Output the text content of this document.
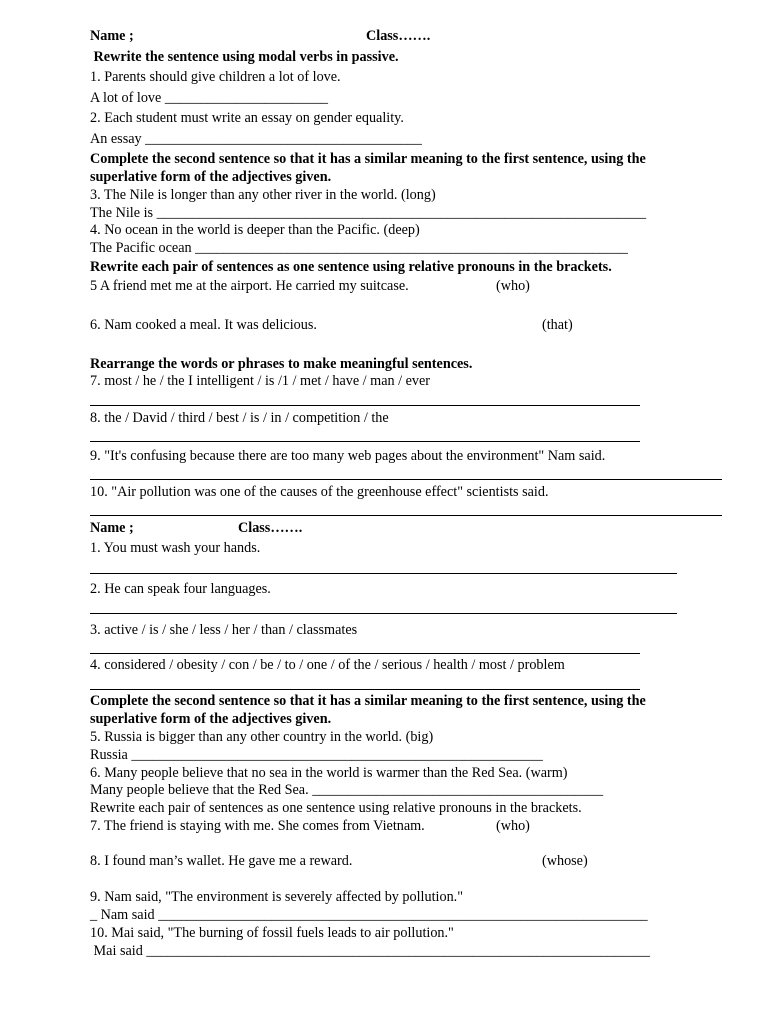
Name ;	Class…….
Rewrite the sentence using modal verbs in passive.
1. Parents should give children a lot of love.
A lot of love _______________________
2. Each student must write an essay on gender equality.
An essay _______________________________________
Complete the second sentence so that it has a similar meaning to the first sentence, using the
superlative form of the adjectives given.
3. The Nile is longer than any other river in the world. (long)
The Nile is _____________________________________________________________________
4. No ocean in the world is deeper than the Pacific. (deep)
The Pacific ocean _____________________________________________________________
Rewrite each pair of sentences as one sentence using relative pronouns in the brackets.
5 A friend met me at the airport. He carried my suitcase.	(who)
6. Nam cooked a meal. It was delicious.	(that)
Rearrange the words or phrases to make meaningful sentences.
7. most / he / the I intelligent / is /1 / met / have / man / ever
8. the / David / third / best / is / in / competition / the
9. "It's confusing because there are too many web pages about the environment" Nam said.
10. "Air pollution was one of the causes of the greenhouse effect" scientists said.
Name ;	Class…….
1. You must wash your hands.
2. He can speak four languages.
3. active / is / she / less / her / than / classmates
4. considered / obesity / con / be / to / one / of the / serious / health / most / problem
Complete the second sentence so that it has a similar meaning to the first sentence, using the
superlative form of the adjectives given.
5. Russia is bigger than any other country in the world. (big)
Russia __________________________________________________________
6. Many people believe that no sea in the world is warmer than the Red Sea. (warm)
Many people believe that the Red Sea. _________________________________________
Rewrite each pair of sentences as one sentence using relative pronouns in the brackets.
7. The friend is staying with me. She comes from Vietnam.	(who)
8. I found man’s wallet. He gave me a reward.	(whose)
9. Nam said, "The environment is severely affected by pollution."
_ Nam said _____________________________________________________________________
10. Mai said, "The burning of fossil fuels leads to air pollution."
Mai said _______________________________________________________________________
